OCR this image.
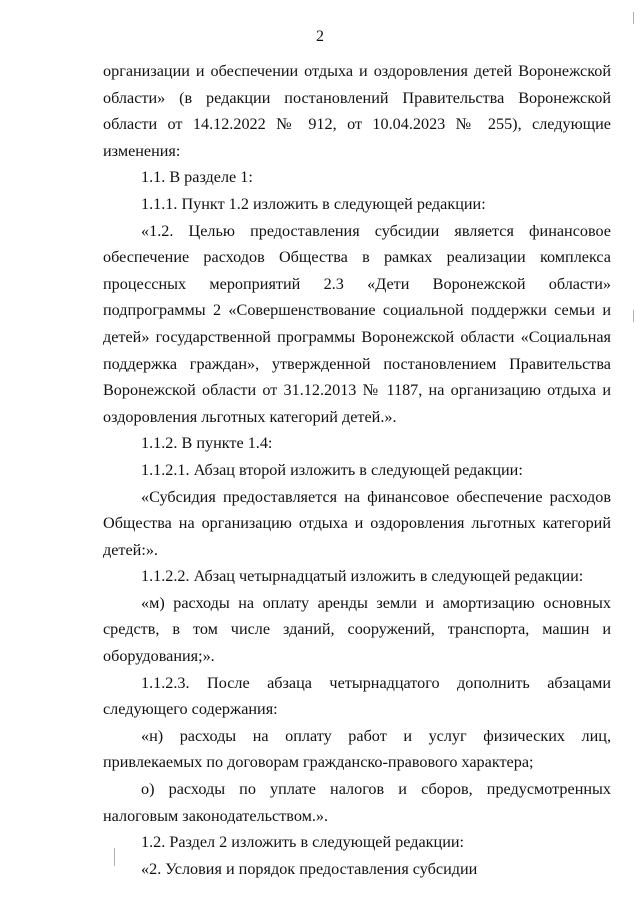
2

организации и обеспечении отдыха и оздоровления детей Воронежской области» (в редакции постановлений Правительства Воронежской области от 14.12.2022 № 912, от 10.04.2023 № 255), следующие изменения:

1.1. В разделе 1:

1.1.1. Пункт 1.2 изложить в следующей редакции:

«1.2. Целью предоставления субсидии является финансовое обеспечение расходов Общества в рамках реализации комплекса процессных мероприятий 2.3 «Дети Воронежской области» подпрограммы 2 «Совершенствование социальной поддержки семьи и детей» государственной программы Воронежской области «Социальная поддержка граждан», утвержденной постановлением Правительства Воронежской области от 31.12.2013 № 1187, на организацию отдыха и оздоровления льготных категорий детей.».

1.1.2. В пункте 1.4:

1.1.2.1. Абзац второй изложить в следующей редакции:

«Субсидия предоставляется на финансовое обеспечение расходов Общества на организацию отдыха и оздоровления льготных категорий детей:».

1.1.2.2. Абзац четырнадцатый изложить в следующей редакции:

«м) расходы на оплату аренды земли и амортизацию основных средств, в том числе зданий, сооружений, транспорта, машин и оборудования;».

1.1.2.3. После абзаца четырнадцатого дополнить абзацами следующего содержания:

«н) расходы на оплату работ и услуг физических лиц, привлекаемых по договорам гражданско-правового характера;

о) расходы по уплате налогов и сборов, предусмотренных налоговым законодательством.».

1.2. Раздел 2 изложить в следующей редакции:

«2. Условия и порядок предоставления субсидии
